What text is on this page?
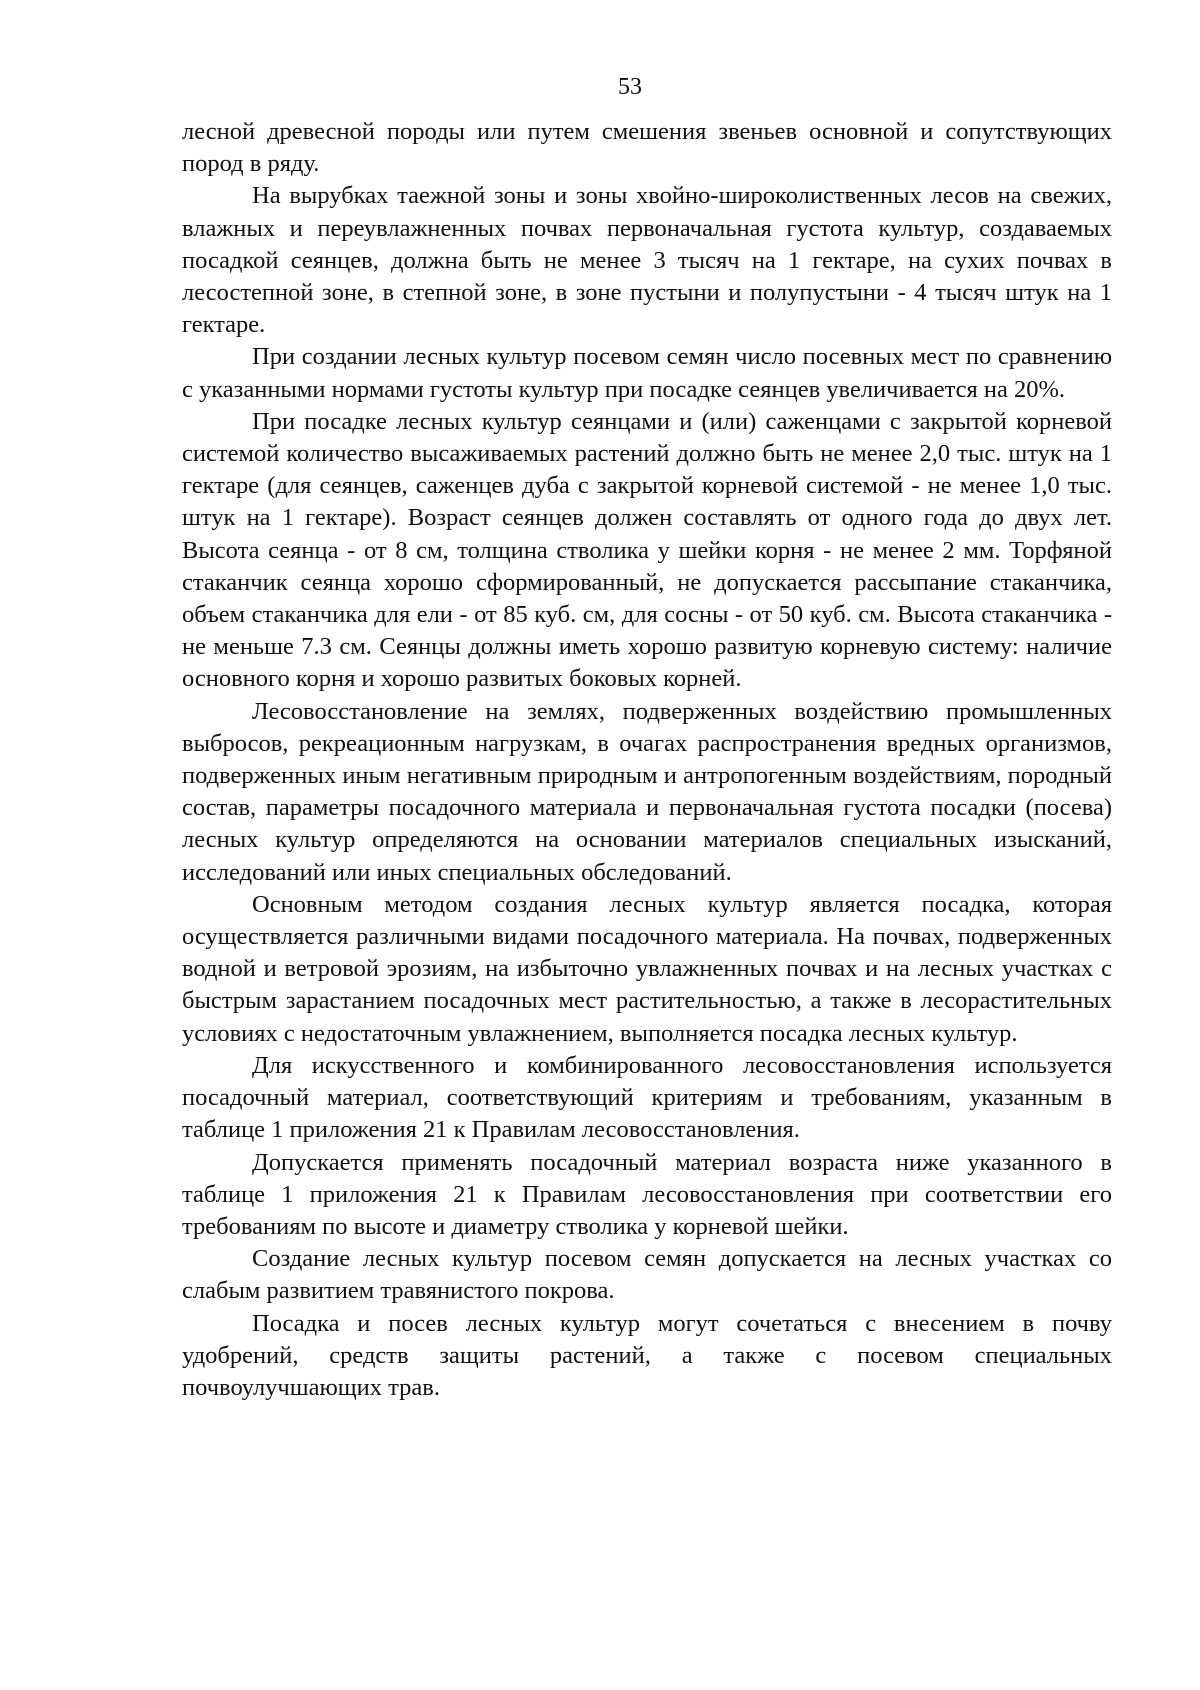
53

лесной древесной породы или путем смешения звеньев основной и сопутствующих пород в ряду.

На вырубках таежной зоны и зоны хвойно-широколиственных лесов на свежих, влажных и переувлажненных почвах первоначальная густота культур, создаваемых посадкой сеянцев, должна быть не менее 3 тысяч на 1 гектаре, на сухих почвах в лесостепной зоне, в степной зоне, в зоне пустыни и полупустыни - 4 тысяч штук на 1 гектаре.

При создании лесных культур посевом семян число посевных мест по сравнению с указанными нормами густоты культур при посадке сеянцев увеличивается на 20%.

При посадке лесных культур сеянцами и (или) саженцами с закрытой корневой системой количество высаживаемых растений должно быть не менее 2,0 тыс. штук на 1 гектаре (для сеянцев, саженцев дуба с закрытой корневой системой - не менее 1,0 тыс. штук на 1 гектаре). Возраст сеянцев должен составлять от одного года до двух лет. Высота сеянца - от 8 см, толщина стволика у шейки корня - не менее 2 мм. Торфяной стаканчик сеянца хорошо сформированный, не допускается рассыпание стаканчика, объем стаканчика для ели - от 85 куб. см, для сосны - от 50 куб. см. Высота стаканчика - не меньше 7.3 см. Сеянцы должны иметь хорошо развитую корневую систему: наличие основного корня и хорошо развитых боковых корней.

Лесовосстановление на землях, подверженных воздействию промышленных выбросов, рекреационным нагрузкам, в очагах распространения вредных организмов, подверженных иным негативным природным и антропогенным воздействиям, породный состав, параметры посадочного материала и первоначальная густота посадки (посева) лесных культур определяются на основании материалов специальных изысканий, исследований или иных специальных обследований.

Основным методом создания лесных культур является посадка, которая осуществляется различными видами посадочного материала. На почвах, подверженных водной и ветровой эрозиям, на избыточно увлажненных почвах и на лесных участках с быстрым зарастанием посадочных мест растительностью, а также в лесорастительных условиях с недостаточным увлажнением, выполняется посадка лесных культур.

Для искусственного и комбинированного лесовосстановления используется посадочный материал, соответствующий критериям и требованиям, указанным в таблице 1 приложения 21 к Правилам лесовосстановления.

Допускается применять посадочный материал возраста ниже указанного в таблице 1 приложения 21 к Правилам лесовосстановления при соответствии его требованиям по высоте и диаметру стволика у корневой шейки.

Создание лесных культур посевом семян допускается на лесных участках со слабым развитием травянистого покрова.

Посадка и посев лесных культур могут сочетаться с внесением в почву удобрений, средств защиты растений, а также с посевом специальных почвоулучшающих трав.
